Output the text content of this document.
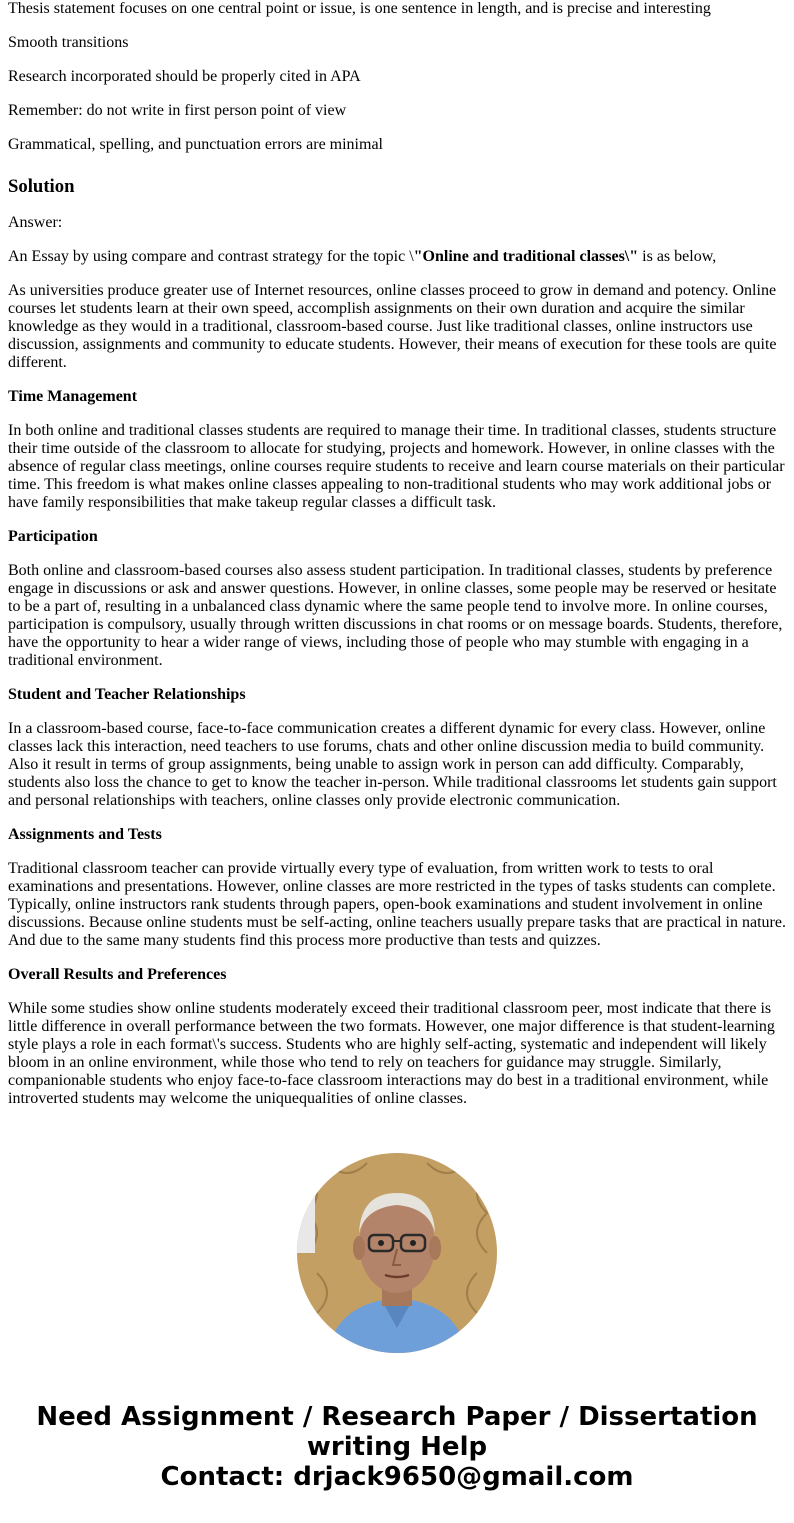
Thesis statement focuses on one central point or issue, is one sentence in length, and is precise and interesting

Smooth transitions

Research incorporated should be properly cited in APA

Remember: do not write in first person point of view

Grammatical, spelling, and punctuation errors are minimal

Solution

Answer:

An Essay by using compare and contrast strategy for the topic \"Online and traditional classes\" is as below,

As universities produce greater use of Internet resources, online classes proceed to grow in demand and potency. Online courses let students learn at their own speed, accomplish assignments on their own duration and acquire the similar knowledge as they would in a traditional, classroom-based course. Just like traditional classes, online instructors use discussion, assignments and community to educate students. However, their means of execution for these tools are quite different.

Time Management

In both online and traditional classes students are required to manage their time. In traditional classes, students structure their time outside of the classroom to allocate for studying, projects and homework. However, in online classes with the absence of regular class meetings, online courses require students to receive and learn course materials on their particular time. This freedom is what makes online classes appealing to non-traditional students who may work additional jobs or have family responsibilities that make takeup regular classes a difficult task.

Participation

Both online and classroom-based courses also assess student participation. In traditional classes, students by preference engage in discussions or ask and answer questions. However, in online classes, some people may be reserved or hesitate to be a part of, resulting in a unbalanced class dynamic where the same people tend to involve more. In online courses, participation is compulsory, usually through written discussions in chat rooms or on message boards. Students, therefore, have the opportunity to hear a wider range of views, including those of people who may stumble with engaging in a traditional environment.

Student and Teacher Relationships

In a classroom-based course, face-to-face communication creates a different dynamic for every class. However, online classes lack this interaction, need teachers to use forums, chats and other online discussion media to build community. Also it result in terms of group assignments, being unable to assign work in person can add difficulty. Comparably, students also loss the chance to get to know the teacher in-person. While traditional classrooms let students gain support and personal relationships with teachers, online classes only provide electronic communication.

Assignments and Tests

Traditional classroom teacher can provide virtually every type of evaluation, from written work to tests to oral examinations and presentations. However, online classes are more restricted in the types of tasks students can complete. Typically, online instructors rank students through papers, open-book examinations and student involvement in online discussions. Because online students must be self-acting, online teachers usually prepare tasks that are practical in nature. And due to the same many students find this process more productive than tests and quizzes.

Overall Results and Preferences

While some studies show online students moderately exceed their traditional classroom peer, most indicate that there is little difference in overall performance between the two formats. However, one major difference is that student-learning style plays a role in each format\'s success. Students who are highly self-acting, systematic and independent will likely bloom in an online environment, while those who tend to rely on teachers for guidance may struggle. Similarly, companionable students who enjoy face-to-face classroom interactions may do best in a traditional environment, while introverted students may welcome the uniquequalities of online classes.

Need Assignment / Research Paper / Dissertation
writing Help
Contact: drjack9650@gmail.com
